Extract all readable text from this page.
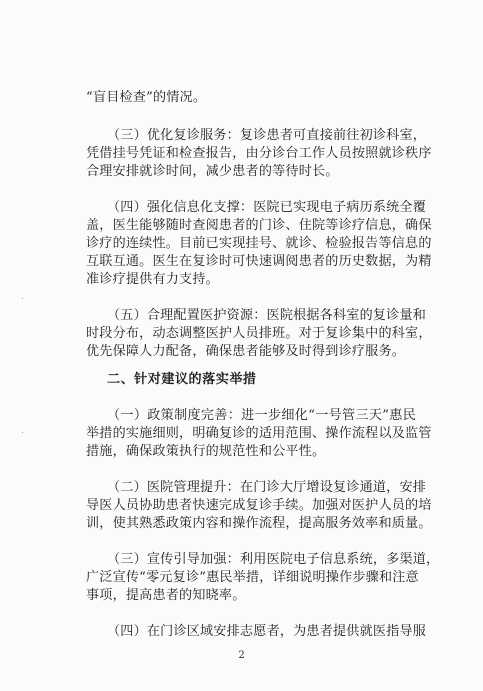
“盲目检查”的情况。
（三）优化复诊服务：复诊患者可直接前往初诊科室，
凭借挂号凭证和检查报告，由分诊台工作人员按照就诊秩序
合理安排就诊时间，减少患者的等待时长。
（四）强化信息化支撑：医院已实现电子病历系统全覆
盖，医生能够随时查阅患者的门诊、住院等诊疗信息，确保
诊疗的连续性。目前已实现挂号、就诊、检验报告等信息的
互联互通。医生在复诊时可快速调阅患者的历史数据，为精
准诊疗提供有力支持。
（五）合理配置医护资源：医院根据各科室的复诊量和
时段分布，动态调整医护人员排班。对于复诊集中的科室，
优先保障人力配备，确保患者能够及时得到诊疗服务。
（一）政策制度完善：进一步细化“一号管三天”惠民
举措的实施细则，明确复诊的适用范围、操作流程以及监管
措施，确保政策执行的规范性和公平性。
（二）医院管理提升：在门诊大厅增设复诊通道，安排
导医人员协助患者快速完成复诊手续。加强对医护人员的培
训，使其熟悉政策内容和操作流程，提高服务效率和质量。
（三）宣传引导加强：利用医院电子信息系统，多渠道，
广泛宣传“零元复诊”惠民举措，详细说明操作步骤和注意
事项，提高患者的知晓率。
（四）在门诊区域安排志愿者，为患者提供就医指导服
二、针对建议的落实举措
2
